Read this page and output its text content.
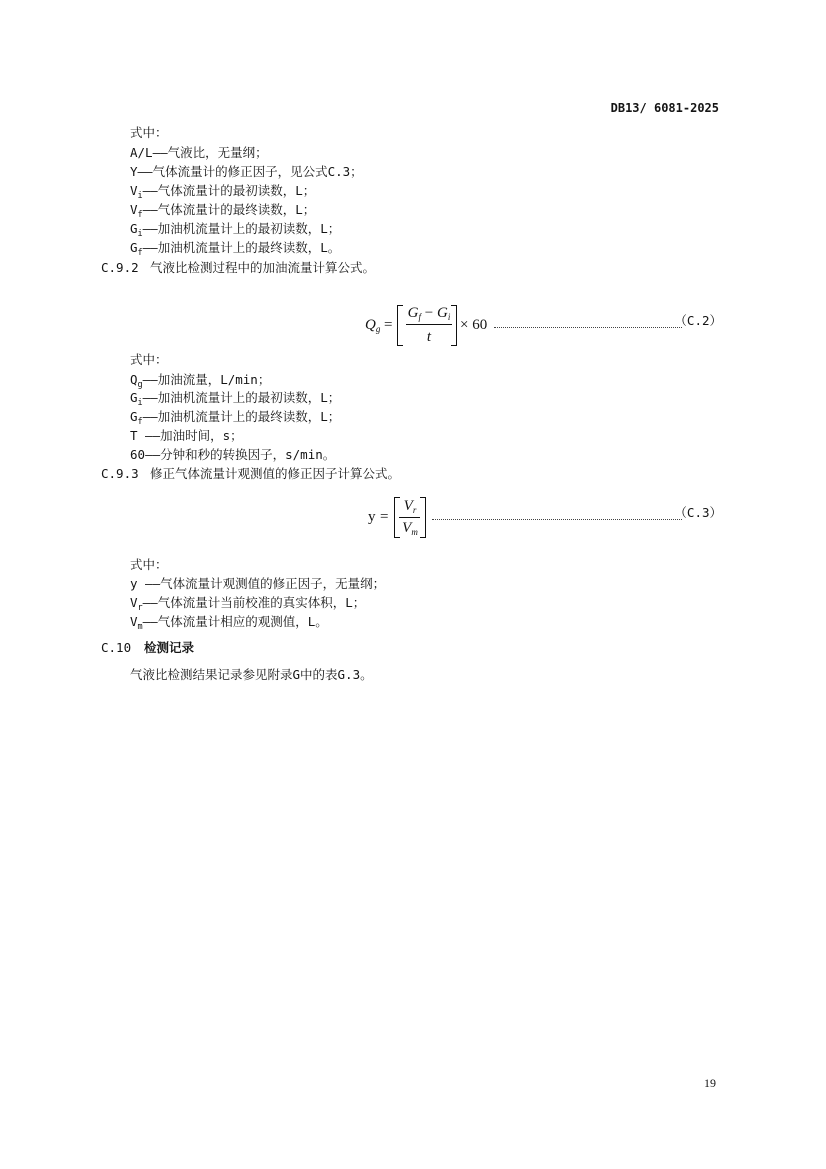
DB13/ 6081-2025
式中：
A/L——气液比，无量纲；
Y——气体流量计的修正因子，见公式C.3；
$V_i——$气体流量计的最初读数，L；
$V_f——$气体流量计的最终读数，L；
$G_i——$加油机流量计上的最初读数，L；
$G_f——$加油机流量计上的最终读数，L。
C.9.2 气液比检测过程中的加油流量计算公式。
$Q_g$ =
$G_f - G_i$
t
× 60	（C.2）
式中：
$Q_g——$加油流量，L/min；
$G_i——$加油机流量计上的最初读数，L；
$G_f——$加油机流量计上的最终读数，L；
T ——加油时间，s；
60——分钟和秒的转换因子，s/min。
C.9.3 修正气体流量计观测值的修正因子计算公式。
y =
$V_r$
$V_m$
（C.3）
式中：
y ——气体流量计观测值的修正因子，无量纲；
$V_r——$气体流量计当前校准的真实体积，L；
$V_m——$气体流量计相应的观测值，L。
C.10 检测记录
气液比检测结果记录参见附录G中的表G.3。
19
